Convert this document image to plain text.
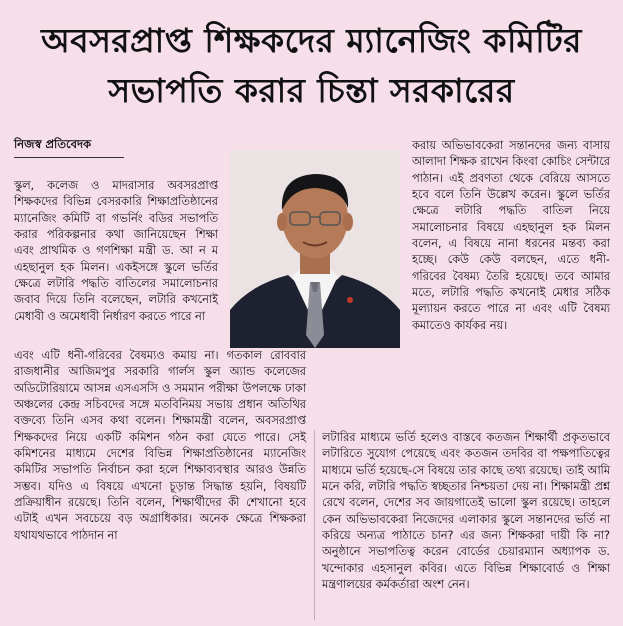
অবসরপ্রাপ্ত শিক্ষকদের ম্যানেজিং কমিটির
সভাপতি করার চিন্তা সরকারের
নিজস্ব প্রতিবেদক

স্কুল, কলেজ ও মাদরাসার অবসরপ্রাপ্ত শিক্ষকদের বিভিন্ন বেসরকারি শিক্ষাপ্রতিষ্ঠানের ম্যানেজিং কমিটি বা গভর্নিং বডির সভাপতি করার পরিকল্পনার কথা জানিয়েছেন শিক্ষা এবং প্রাথমিক ও গণশিক্ষা মন্ত্রী ড. আ ন ম এহছানুল হক মিলন। একইসঙ্গে স্কুলে ভর্তির ক্ষেত্রে লটারি পদ্ধতি বাতিলের সমালোচনার জবাব দিয়ে তিনি বলেছেন, লটারি কখনোই মেধাবী ও অমেধাবী নির্ধারণ করতে পারে না

করায় অভিভাবকেরা সন্তানদের জন্য বাসায় আলাদা শিক্ষক রাখেন কিংবা কোচিং সেন্টারে পাঠান। এই প্রবণতা থেকে বেরিয়ে আসতে হবে বলে তিনি উল্লেখ করেন। স্কুলে ভর্তির ক্ষেত্রে লটারি পদ্ধতি বাতিল নিয়ে সমালোচনার বিষয়ে এহছানুল হক মিলন বলেন, এ বিষয়ে নানা ধরনের মন্তব্য করা হচ্ছে। কেউ কেউ বলছেন, এতে ধনী-গরিবের বৈষম্য তৈরি হয়েছে। তবে আমার মতে, লটারি পদ্ধতি কখনোই মেধার সঠিক মূল্যায়ন করতে পারে না এবং এটি বৈষম্য কমাতেও কার্যকর নয়।

এবং এটি ধনী-গরিবের বৈষম্যও কমায় না। গতকাল রোববার রাজধানীর আজিমপুর সরকারি গার্লস স্কুল অ্যান্ড কলেজের অডিটোরিয়ামে আসন্ন এসএসসি ও সমমান পরীক্ষা উপলক্ষে ঢাকা অঞ্চলের কেন্দ্র সচিবদের সঙ্গে মতবিনিময় সভায় প্রধান অতিথির বক্তব্যে তিনি এসব কথা বলেন। শিক্ষামন্ত্রী বলেন, অবসরপ্রাপ্ত শিক্ষকদের নিয়ে একটি কমিশন গঠন করা যেতে পারে। সেই কমিশনের মাধ্যমে দেশের বিভিন্ন শিক্ষাপ্রতিষ্ঠানের ম্যানেজিং কমিটির সভাপতি নির্বাচন করা হলে শিক্ষাব্যবস্থার আরও উন্নতি সম্ভব। যদিও এ বিষয়ে এখনো চূড়ান্ত সিদ্ধান্ত হয়নি, বিষয়টি প্রক্রিয়াধীন রয়েছে। তিনি বলেন, শিক্ষার্থীদের কী শেখানো হবে এটাই এখন সবচেয়ে বড় অগ্রাধিকার। অনেক ক্ষেত্রে শিক্ষকরা যথাযথভাবে পাঠদান না

লটারির মাধ্যমে ভর্তি হলেও বাস্তবে কতজন শিক্ষার্থী প্রকৃতভাবে লটারিতে সুযোগ পেয়েছে এবং কতজন তদবির বা পক্ষপাতিত্বের মাধ্যমে ভর্তি হয়েছে-সে বিষয়ে তার কাছে তথ্য রয়েছে। তাই আমি মনে করি, লটারি পদ্ধতি স্বচ্ছতার নিশ্চয়তা দেয় না। শিক্ষামন্ত্রী প্রশ্ন রেখে বলেন, দেশের সব জায়গাতেই ভালো স্কুল রয়েছে। তাহলে কেন অভিভাবকেরা নিজেদের এলাকার স্কুলে সন্তানদের ভর্তি না করিয়ে অন্যত্র পাঠাতে চান? এর জন্য শিক্ষকরা দায়ী কি না? অনুষ্ঠানে সভাপতিত্ব করেন বোর্ডের চেয়ারম্যান অধ্যাপক ড. খন্দোকার এহসানুল কবির। এতে বিভিন্ন শিক্ষাবোর্ড ও শিক্ষা মন্ত্রণালয়ের কর্মকর্তারা অংশ নেন।
